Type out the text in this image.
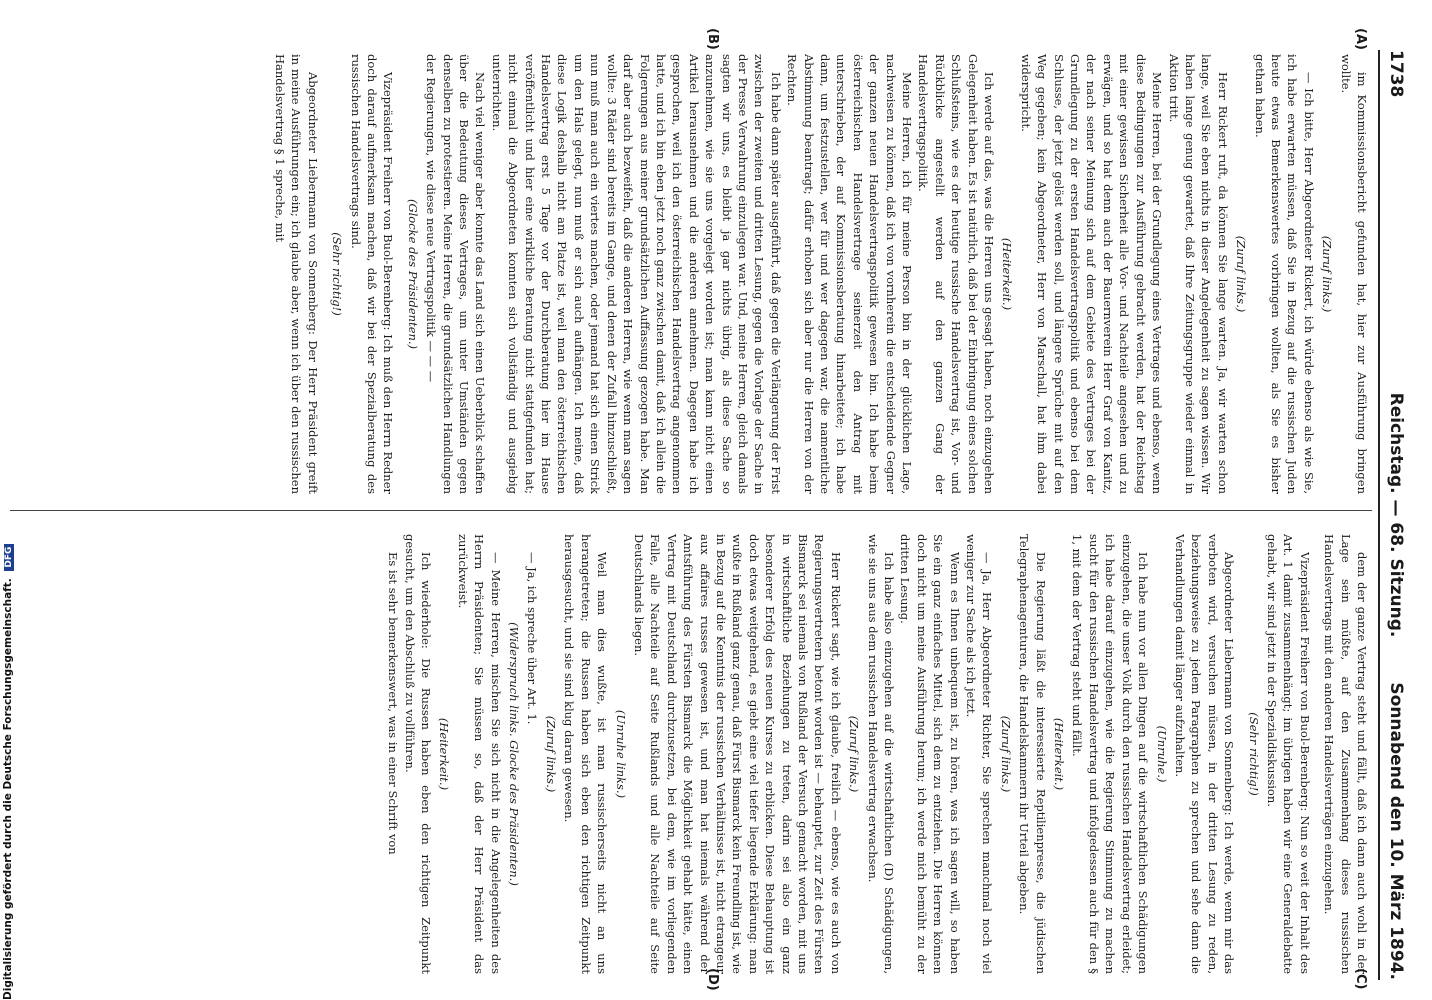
1738
Reichstag. — 68. Sitzung.
Sonnabend den 10. März 1894.
(A)
(B)
(C)
(D)

im Kommissionsbericht gefunden hat, hier zur Ausführung bringen wollte.

(Zuruf links.)

— Ich bitte, Herr Abgeordneter Rickert, ich würde ebenso als wie Sie, ich habe erwarten müssen, daß Sie in Bezug auf die russischen Juden heute etwas Bemerkenswertes vorbringen wollten, als Sie es bisher gethan haben.

(Zuruf links.)

Herr Rickert ruft, da können Sie lange warten. Ja, wir warten schon lange, weil Sie eben nichts in dieser Angelegenheit zu sagen wissen. Wir haben lange genug gewartet, daß Ihre Zeitungsgruppe wieder einmal in Aktion tritt.

Meine Herren, bei der Grundlegung eines Vertrages und ebenso, wenn diese Bedingungen zur Ausführung gebracht werden, hat der Reichstag mit einer gewissen Sicherheit alle Vor- und Nachteile angesehen und zu erwägen, und so hat denn auch der Bauernverein Herr Graf von Kanitz, der nach seiner Meinung sich auf dem Gebiete des Vertrages bei der Grundlegung zu der ersten Handelsvertragspolitik und ebenso bei dem Schlusse, der jetzt gelöst werden soll, und längere Sprüche mit auf den Weg gegeben; kein Abgeordneter, Herr von Marschall, hat ihm dabei widerspricht.

(Heiterkeit.)

Ich werde auf das, was die Herren uns gesagt haben, noch einzugehen Gelegenheit haben. Es ist natürlich, daß bei der Einbringung eines solchen Schlußsteins, wie es der heutige russische Handelsvertrag ist, Vor- und Rückblicke angestellt werden auf den ganzen Gang der Handelsvertragspolitik.

Meine Herren, ich für meine Person bin in der glücklichen Lage, nachweisen zu können, daß ich von vornherein die entscheidende Gegner der ganzen neuen Handelsvertragspolitik gewesen bin. Ich habe beim österreichischen Handelsvertrage seinerzeit den Antrag mit unterschrieben, der auf Kommissionsberatung hinarbeitete; ich habe dann, um festzustellen, wer für und wer dagegen war, die namentliche Abstimmung beantragt; dafür erhoben sich aber nur die Herren von der Rechten.

Ich habe dann später ausgeführt, daß gegen die Verlängerung der Frist zwischen der zweiten und dritten Lesung, gegen die Vorlage der Sache in der Presse Verwahrung einzulegen war. Und, meine Herren, gleich damals sagten wir uns, es bleibt ja gar nichts übrig, als diese Sache so anzunehmen, wie sie uns vorgelegt worden ist; man kann nicht einen Artikel herausnehmen und die anderen annehmen. Dagegen habe ich gesprochen, weil ich den österreichischen Handelsvertrag angenommen hatte, und ich bin eben jetzt noch ganz zwischen damit, daß ich allein die Folgerungen aus meiner grundsätzlichen Auffassung gezogen habe. Man darf aber auch bezweifeln, daß die anderen Herren, wie wenn man sagen wollte: 3 Räder sind bereits im Gange, und denen der Zufall hinzuschließt, nun muß man auch ein viertes machen, oder jemand hat sich einen Strick um den Hals gelegt, nun muß er sich auch aufhängen. Ich meine, daß diese Logik deshalb nicht am Platze ist, weil man den österreichischen Handelsvertrag erst 5 Tage vor der Durchberatung hier im Hause veröffentlicht und hier eine wirkliche Beratung nicht stattgefunden hat; nicht einmal die Abgeordneten konnten sich vollständig und ausgiebig unterrichten.

Nach viel weniger aber konnte das Land sich einen Ueberblick schaffen über die Bedeutung dieses Vertrages, um unter Umständen gegen denselben zu protestieren. Meine Herren, die grundsätzlichen Handlungen der Regierungen, wie diese neue Vertragspolitik — — —

(Glocke des Präsidenten.)

Vizepräsident Freiherr von Buol-Berenberg: Ich muß den Herrn Redner doch darauf aufmerksam machen, daß wir bei der Spezialberatung des russischen Handelsvertrags sind.

(Sehr richtig!)

Abgeordneter Liebermann von Sonnenberg: Der Herr Präsident greift in meine Ausführungen ein; ich glaube aber, wenn ich über den russischen Handelsvertrag § 1 spreche, mit

dem der ganze Vertrag steht und fällt, daß ich dann auch wohl in der Lage sein müßte, auf den Zusammenhang dieses russischen Handelsvertrags mit den anderen Handelsverträgen einzugehen.

Vizepräsident Freiherr von Buol-Berenberg: Nun so weit der Inhalt des Art. 1 damit zusammenhängt; im übrigen haben wir eine Generaldebatte gehabt, wir sind jetzt in der Spezialdiskussion.

(Sehr richtig!)

Abgeordneter Liebermann von Sonnenberg: Ich werde, wenn mir das verboten wird, versuchen müssen, in der dritten Lesung zu reden, beziehungsweise zu jedem Paragraphen zu sprechen und sehe dann die Verhandlungen damit länger aufzuhalten.

(Unruhe.)

Ich habe nun vor allen Dingen auf die wirtschaftlichen Schädigungen einzugehen, die unser Volk durch den russischen Handelsvertrag erleidet; ich habe darauf einzugehen, wie die Regierung Stimmung zu machen sucht für den russischen Handelsvertrag und infolgedessen auch für den § 1, mit dem der Vertrag steht und fällt.

(Heiterkeit.)

Die Regierung läßt die interessierte Reptilienpresse, die jüdischen Telegraphenagenturen, die Handelskammern ihr Urteil abgeben.

(Zuruf links.)

— Ja, Herr Abgeordneter Richter, Sie sprechen manchmal noch viel weniger zur Sache als ich jetzt.

Wenn es Ihnen unbequem ist, zu hören, was ich sagen will, so haben Sie ein ganz einfaches Mittel, sich dem zu entziehen. Die Herren können doch nicht um meine Ausführung herum; ich werde mich bemüht zu der dritten Lesung.

Ich habe also einzugehen auf die wirtschaftlichen (D) Schädigungen, wie sie uns aus dem russischen Handelsvertrag erwachsen.

(Zuruf links.)

Herr Rickert sagt, wie ich glaube, freilich — ebenso, wie es auch von Regierungsvertretern betont worden ist — behauptet, zur Zeit des Fürsten Bismarck sei niemals von Rußland der Versuch gemacht worden, mit uns in wirtschaftliche Beziehungen zu treten, darin sei also ein ganz besonderer Erfolg des neuen Kurses zu erblicken. Diese Behauptung ist doch etwas weitgehend, es giebt eine viel tiefer liegende Erklärung: man wußte in Rußland ganz genau, daß Fürst Bismarck kein Freundling ist, wie in Bezug auf die Kenntnis der russischen Verhältnisse ist, nicht etrangeur aux affaires russes gewesen ist, und man hat niemals während der Amtsführung des Fürsten Bismarck die Möglichkeit gehabt hätte, einen Vertrag mit Deutschland durchzusetzen, bei dem, wie im vorliegenden Falle, alle Nachteile auf Seite Rußlands und alle Nachteile auf Seite Deutschlands liegen.

(Unruhe links.)

Weil man dies wußte, ist man russischerseits nicht an uns herangetreten; die Russen haben sich eben den richtigen Zeitpunkt herausgesucht, und sie sind klug daran gewesen.

(Zuruf links.)

— Ja, ich spreche über Art. 1.

(Widerspruch links. Glocke des Präsidenten.)

— Meine Herren, mischen Sie sich nicht in die Angelegenheiten des Herrn Präsidenten; Sie müssen so, daß der Herr Präsident das zurückweist.

(Heiterkeit.)

Ich wiederhole: Die Russen haben eben den richtigen Zeitpunkt gesucht, um den Abschluß zu vollführen.

Es ist sehr bemerkenswert, was in einer Schrift von

Digitalisierung gefördert durch die Deutsche Forschungsgemeinschaft. DFG
